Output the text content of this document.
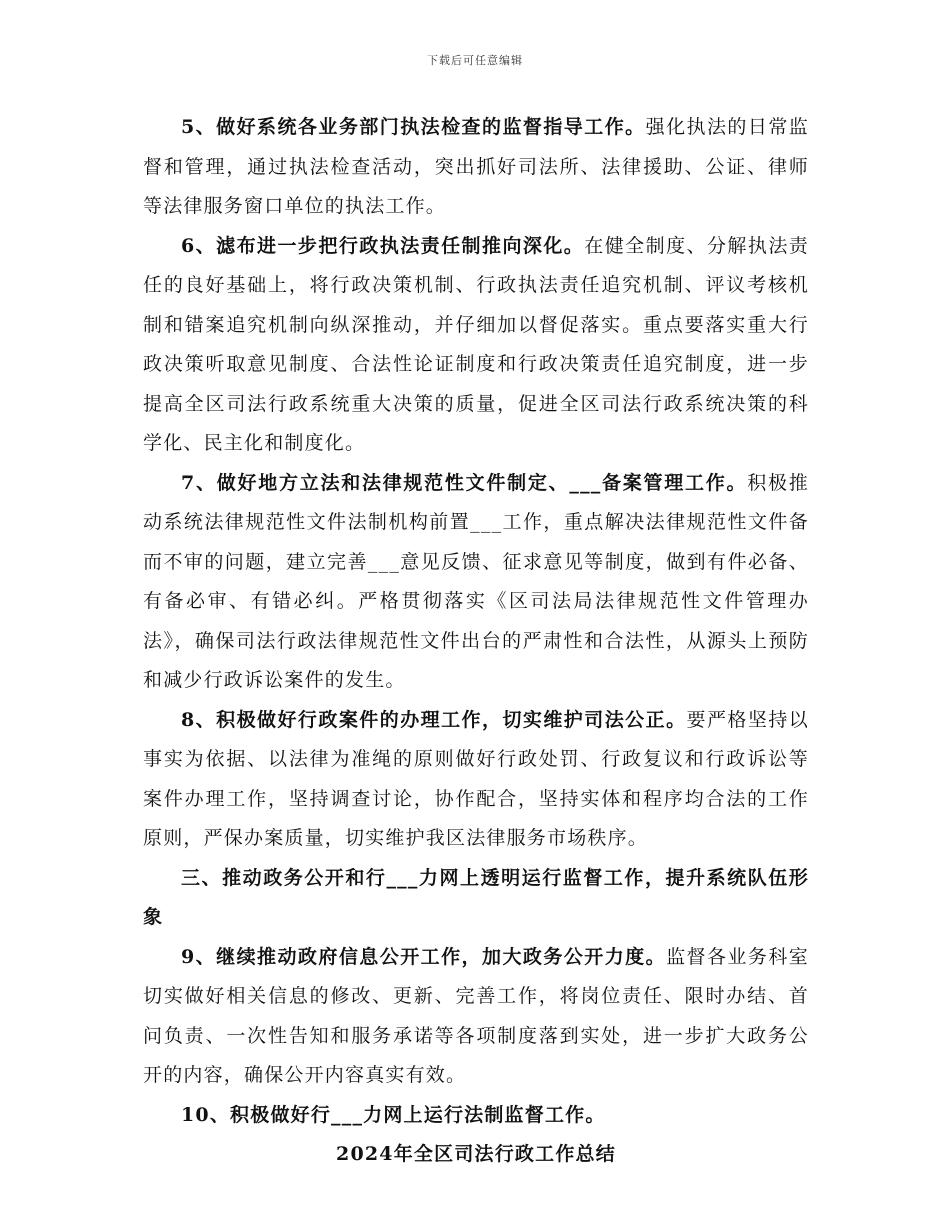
下载后可任意编辑

5、做好系统各业务部门执法检查的监督指导工作。强化执法的日常监督和管理，通过执法检查活动，突出抓好司法所、法律援助、公证、律师等法律服务窗口单位的执法工作。

6、滤布进一步把行政执法责任制推向深化。在健全制度、分解执法责任的良好基础上，将行政决策机制、行政执法责任追究机制、评议考核机制和错案追究机制向纵深推动，并仔细加以督促落实。重点要落实重大行政决策听取意见制度、合法性论证制度和行政决策责任追究制度，进一步提高全区司法行政系统重大决策的质量，促进全区司法行政系统决策的科学化、民主化和制度化。

7、做好地方立法和法律规范性文件制定、___备案管理工作。积极推动系统法律规范性文件法制机构前置___工作，重点解决法律规范性文件备而不审的问题，建立完善___意见反馈、征求意见等制度，做到有件必备、有备必审、有错必纠。严格贯彻落实《区司法局法律规范性文件管理办法》，确保司法行政法律规范性文件出台的严肃性和合法性，从源头上预防和减少行政诉讼案件的发生。

8、积极做好行政案件的办理工作，切实维护司法公正。要严格坚持以事实为依据、以法律为准绳的原则做好行政处罚、行政复议和行政诉讼等案件办理工作，坚持调查讨论，协作配合，坚持实体和程序均合法的工作原则，严保办案质量，切实维护我区法律服务市场秩序。

三、推动政务公开和行___力网上透明运行监督工作，提升系统队伍形象

9、继续推动政府信息公开工作，加大政务公开力度。监督各业务科室切实做好相关信息的修改、更新、完善工作，将岗位责任、限时办结、首问负责、一次性告知和服务承诺等各项制度落到实处，进一步扩大政务公开的内容，确保公开内容真实有效。

10、积极做好行___力网上运行法制监督工作。

2024年全区司法行政工作总结
